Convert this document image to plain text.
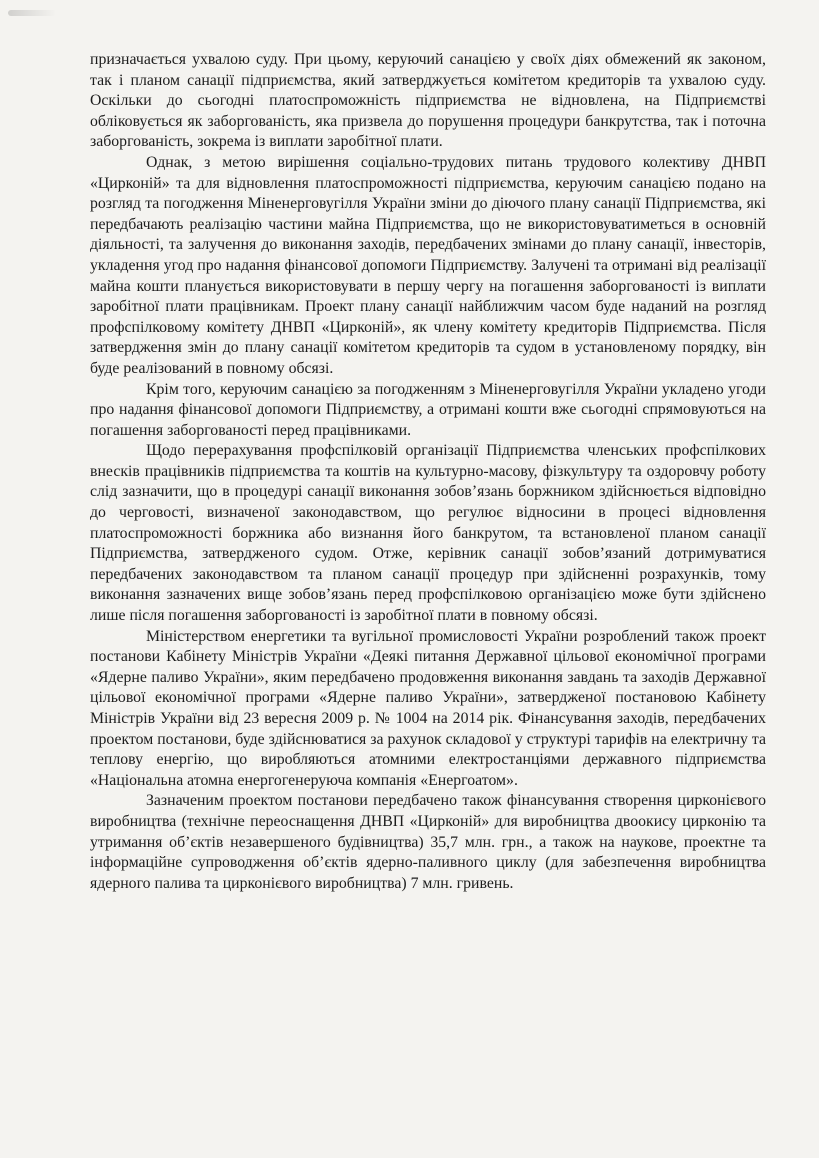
призначається ухвалою суду. При цьому, керуючий санацією у своїх діях обмежений як законом, так і планом санації підприємства, який затверджується комітетом кредиторів та ухвалою суду. Оскільки до сьогодні платоспроможність підприємства не відновлена, на Підприємстві обліковується як заборгованість, яка призвела до порушення процедури банкрутства, так і поточна заборгованість, зокрема із виплати заробітної плати.

Однак, з метою вирішення соціально-трудових питань трудового колективу ДНВП «Цирконій» та для відновлення платоспроможності підприємства, керуючим санацією подано на розгляд та погодження Міненерговугілля України зміни до діючого плану санації Підприємства, які передбачають реалізацію частини майна Підприємства, що не використовуватиметься в основній діяльності, та залучення до виконання заходів, передбачених змінами до плану санації, інвесторів, укладення угод про надання фінансової допомоги Підприємству. Залучені та отримані від реалізації майна кошти планується використовувати в першу чергу на погашення заборгованості із виплати заробітної плати працівникам. Проект плану санації найближчим часом буде наданий на розгляд профспілковому комітету ДНВП «Цирконій», як члену комітету кредиторів Підприємства. Після затвердження змін до плану санації комітетом кредиторів та судом в установленому порядку, він буде реалізований в повному обсязі.

Крім того, керуючим санацією за погодженням з Міненерговугілля України укладено угоди про надання фінансової допомоги Підприємству, а отримані кошти вже сьогодні спрямовуються на погашення заборгованості перед працівниками.

Щодо перерахування профспілковій організації Підприємства членських профспілкових внесків працівників підприємства та коштів на культурно-масову, фізкультуру та оздоровчу роботу слід зазначити, що в процедурі санації виконання зобов’язань боржником здійснюється відповідно до черговості, визначеної законодавством, що регулює відносини в процесі відновлення платоспроможності боржника або визнання його банкрутом, та встановленої планом санації Підприємства, затвердженого судом. Отже, керівник санації зобов’язаний дотримуватися передбачених законодавством та планом санації процедур при здійсненні розрахунків, тому виконання зазначених вище зобов’язань перед профспілковою організацією може бути здійснено лише після погашення заборгованості із заробітної плати в повному обсязі.

Міністерством енергетики та вугільної промисловості України розроблений також проект постанови Кабінету Міністрів України «Деякі питання Державної цільової економічної програми «Ядерне паливо України», яким передбачено продовження виконання завдань та заходів Державної цільової економічної програми «Ядерне паливо України», затвердженої постановою Кабінету Міністрів України від 23 вересня 2009 р. № 1004 на 2014 рік. Фінансування заходів, передбачених проектом постанови, буде здійснюватися за рахунок складової у структурі тарифів на електричну та теплову енергію, що виробляються атомними електростанціями державного підприємства «Національна атомна енергогенеруюча компанія «Енергоатом».

Зазначеним проектом постанови передбачено також фінансування створення цирконієвого виробництва (технічне переоснащення ДНВП «Цирконій» для виробництва двоокису цирконію та утримання об’єктів незавершеного будівництва) 35,7 млн. грн., а також на наукове, проектне та інформаційне супроводження об’єктів ядерно-паливного циклу (для забезпечення виробництва ядерного палива та цирконієвого виробництва) 7 млн. гривень.
